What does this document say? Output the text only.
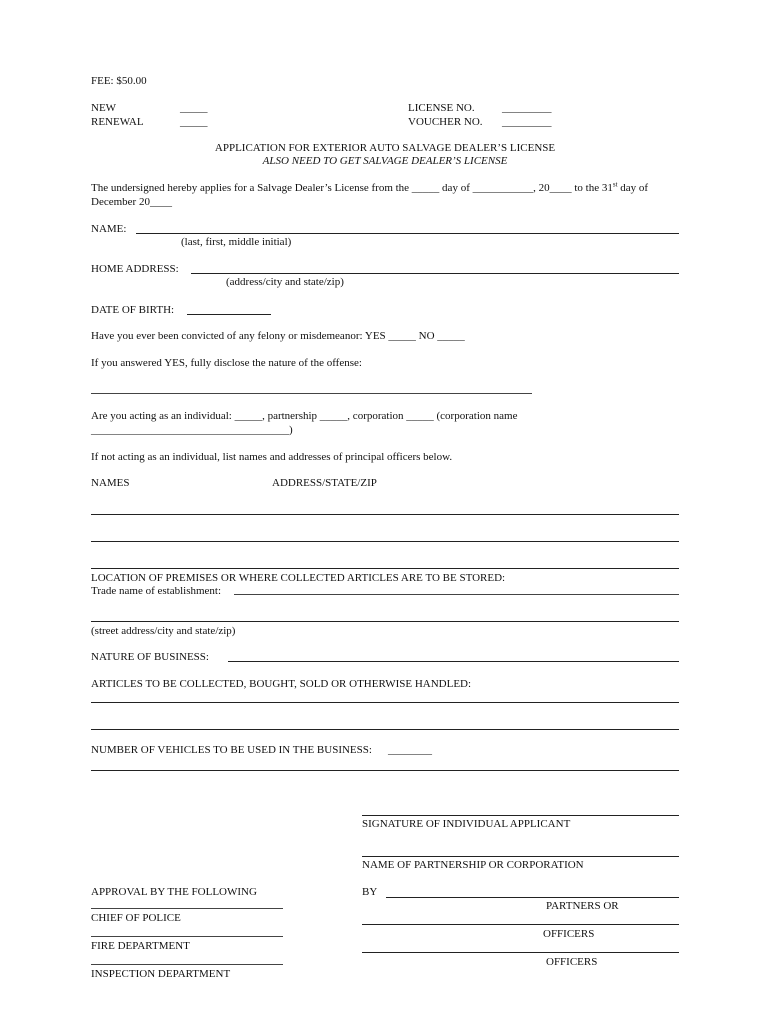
FEE: $50.00
NEW	_____
RENEWAL	_____
LICENSE NO. _________
VOUCHER NO. _________
APPLICATION FOR EXTERIOR AUTO SALVAGE DEALER’S LICENSE
ALSO NEED TO GET SALVAGE DEALER’S LICENSE
The undersigned hereby applies for a Salvage Dealer’s License from the _____ day of ___________, 20____ to the 31st day of
December 20____
NAME:
(last, first, middle initial)
HOME ADDRESS:
(address/city and state/zip)
DATE OF BIRTH:
Have you ever been convicted of any felony or misdemeanor: YES _____ NO _____
If you answered YES, fully disclose the nature of the offense:
Are you acting as an individual: _____, partnership _____, corporation _____ (corporation name
____________________________________)
If not acting as an individual, list names and addresses of principal officers below.
NAMES	ADDRESS/STATE/ZIP
LOCATION OF PREMISES OR WHERE COLLECTED ARTICLES ARE TO BE STORED:
Trade name of establishment:
(street address/city and state/zip)
NATURE OF BUSINESS:
ARTICLES TO BE COLLECTED, BOUGHT, SOLD OR OTHERWISE HANDLED:
NUMBER OF VEHICLES TO BE USED IN THE BUSINESS: ________
SIGNATURE OF INDIVIDUAL APPLICANT
NAME OF PARTNERSHIP OR CORPORATION
BY
PARTNERS OR
OFFICERS
OFFICERS
APPROVAL BY THE FOLLOWING
CHIEF OF POLICE
FIRE DEPARTMENT
INSPECTION DEPARTMENT
